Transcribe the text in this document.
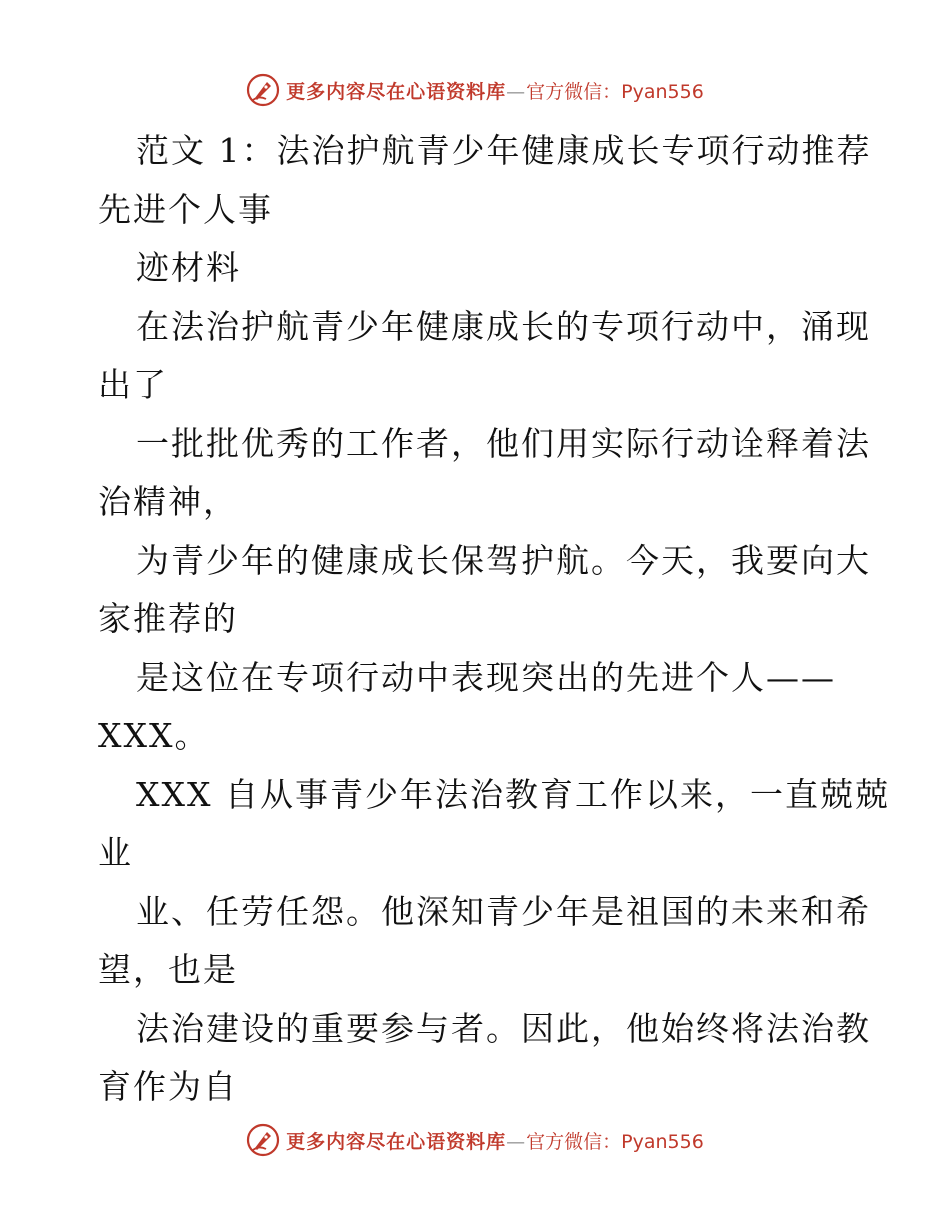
更多内容尽在心语资料库 — 官方微信：Pyan556
范文 1：法治护航青少年健康成长专项行动推荐
先进个人事
迹材料
在法治护航青少年健康成长的专项行动中，涌现
出了
一批批优秀的工作者，他们用实际行动诠释着法
治精神，
为青少年的健康成长保驾护航。今天，我要向大
家推荐的
是这位在专项行动中表现突出的先进个人——
XXX。
XXX 自从事青少年法治教育工作以来，一直兢兢
业
业、任劳任怨。他深知青少年是祖国的未来和希
望，也是
法治建设的重要参与者。因此，他始终将法治教
育作为自
更多内容尽在心语资料库 — 官方微信：Pyan556
